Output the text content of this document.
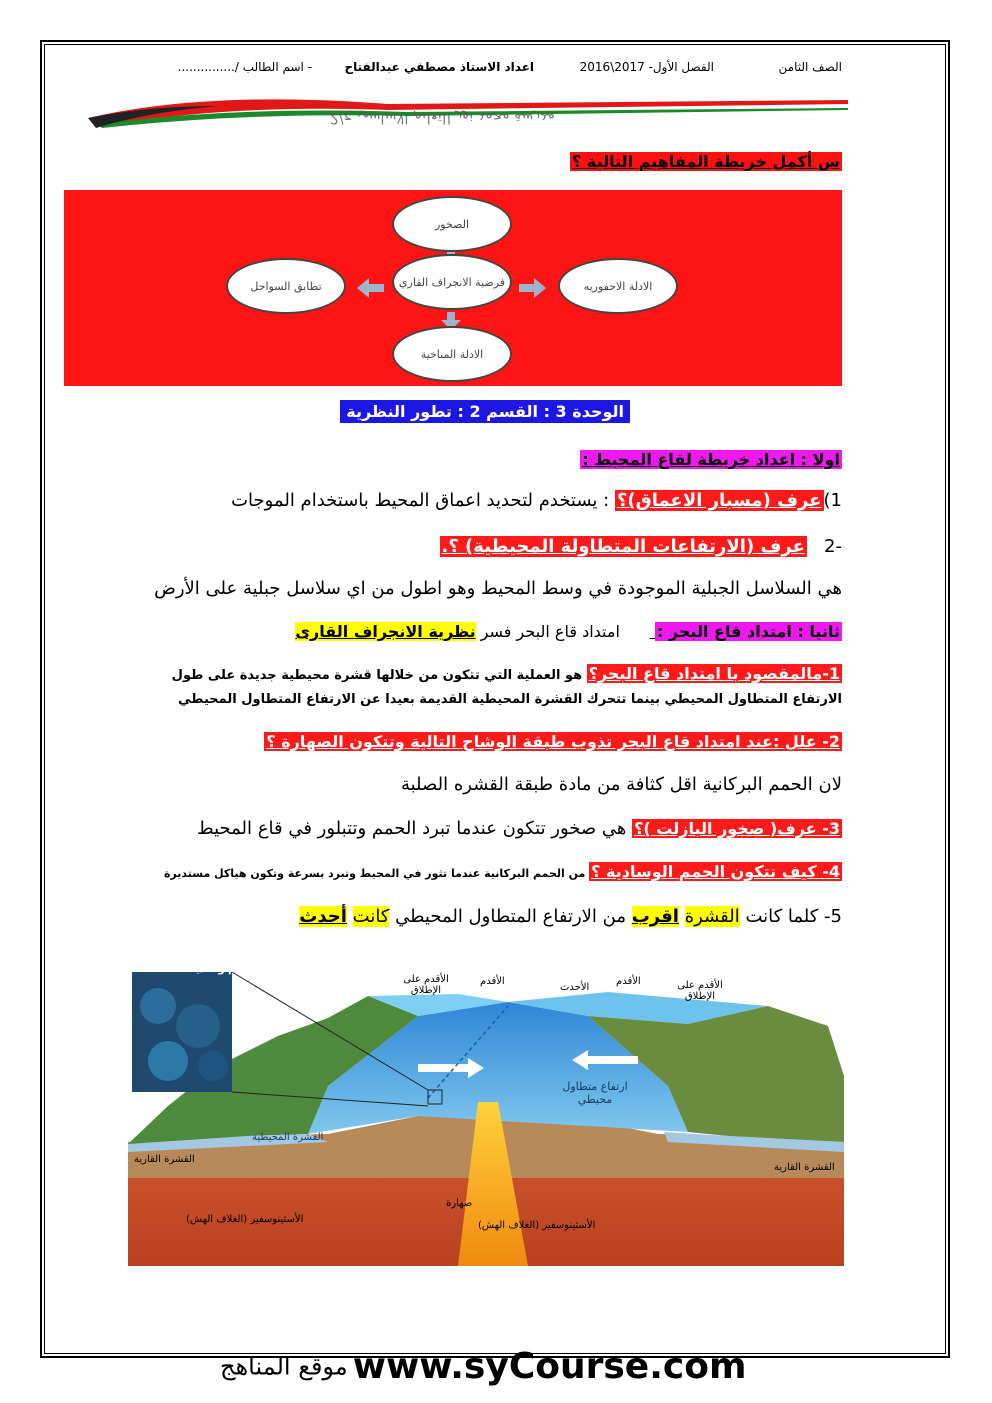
الصف الثامن
الفصل الأول- 2017\2016
اعداد الاستاذ مصطفي عبدالفتاح
- اسم الطالب /...............
مدرسة محمد نور للتعليم الاساسي ح/2
س أكمل خريطة المفاهيم التالية ؟
الصخور
فرضية الانجراف القاري
تطابق السواحل	الادلة الاحفوريه
الادلة المناخية
الوحدة 3 : القسم 2 : تطور النظرية
اولا : اعداد خريطة لقاع المحيط :
1)عرف (مسبار الاعماق)؟ : يستخدم لتحديد اعماق المحيط باستخدام الموجات
-2   عرف (الارتفاعات المتطاولة المحيطية) ؟.
هي السلاسل الجبلية الموجودة في وسط المحيط وهو اطول من اي سلاسل جبلية على الأرض
ثانيا : امتداد قاع البحر :  امتداد قاع البحر فسر نظرية الانجراف القارى
1-مالمقصود با امتداد قاع البحر؟ هو العملية التي تتكون من خلالها قشرة محيطية جديدة على طول
الارتفاع المتطاول المحيطي بينما تتحرك القشرة المحيطية القديمة بعيدا عن الارتفاع المتطاول المحيطي
2- علل :عند امتداد قاع البحر تذوب طبقة الوشاح التالية وتتكون الصهارة ؟
لان الحمم البركانية اقل كثافة من مادة طبقة القشره الصلبة
3- عرف( صخور البازلت )؟ هي صخور تتكون عندما تبرد الحمم وتتبلور في قاع المحيط
4- كيف تتكون الحمم الوسادية ؟ من الحمم البركانية عندما تثور في المحيط وتبرد بسرعة وتكون هياكل مستديرة
5- كلما كانت القشرة اقرب من الارتفاع المتطاول المحيطي كانت أحدث
حمم وسادية
الأقدم على الإطلاق
الأقدم
الأحدث
الأقدم	الأقدم على الإطلاق
ارتفاع متطاول محيطي
القشرة المحيطية
القشرة القارية
القشرة القارية
صهارة
الأسثينوسفير (الغلاف الهش)
الأسثينوسفير (الغلاف الهش)
موقع المناهج www.syCourse.com
